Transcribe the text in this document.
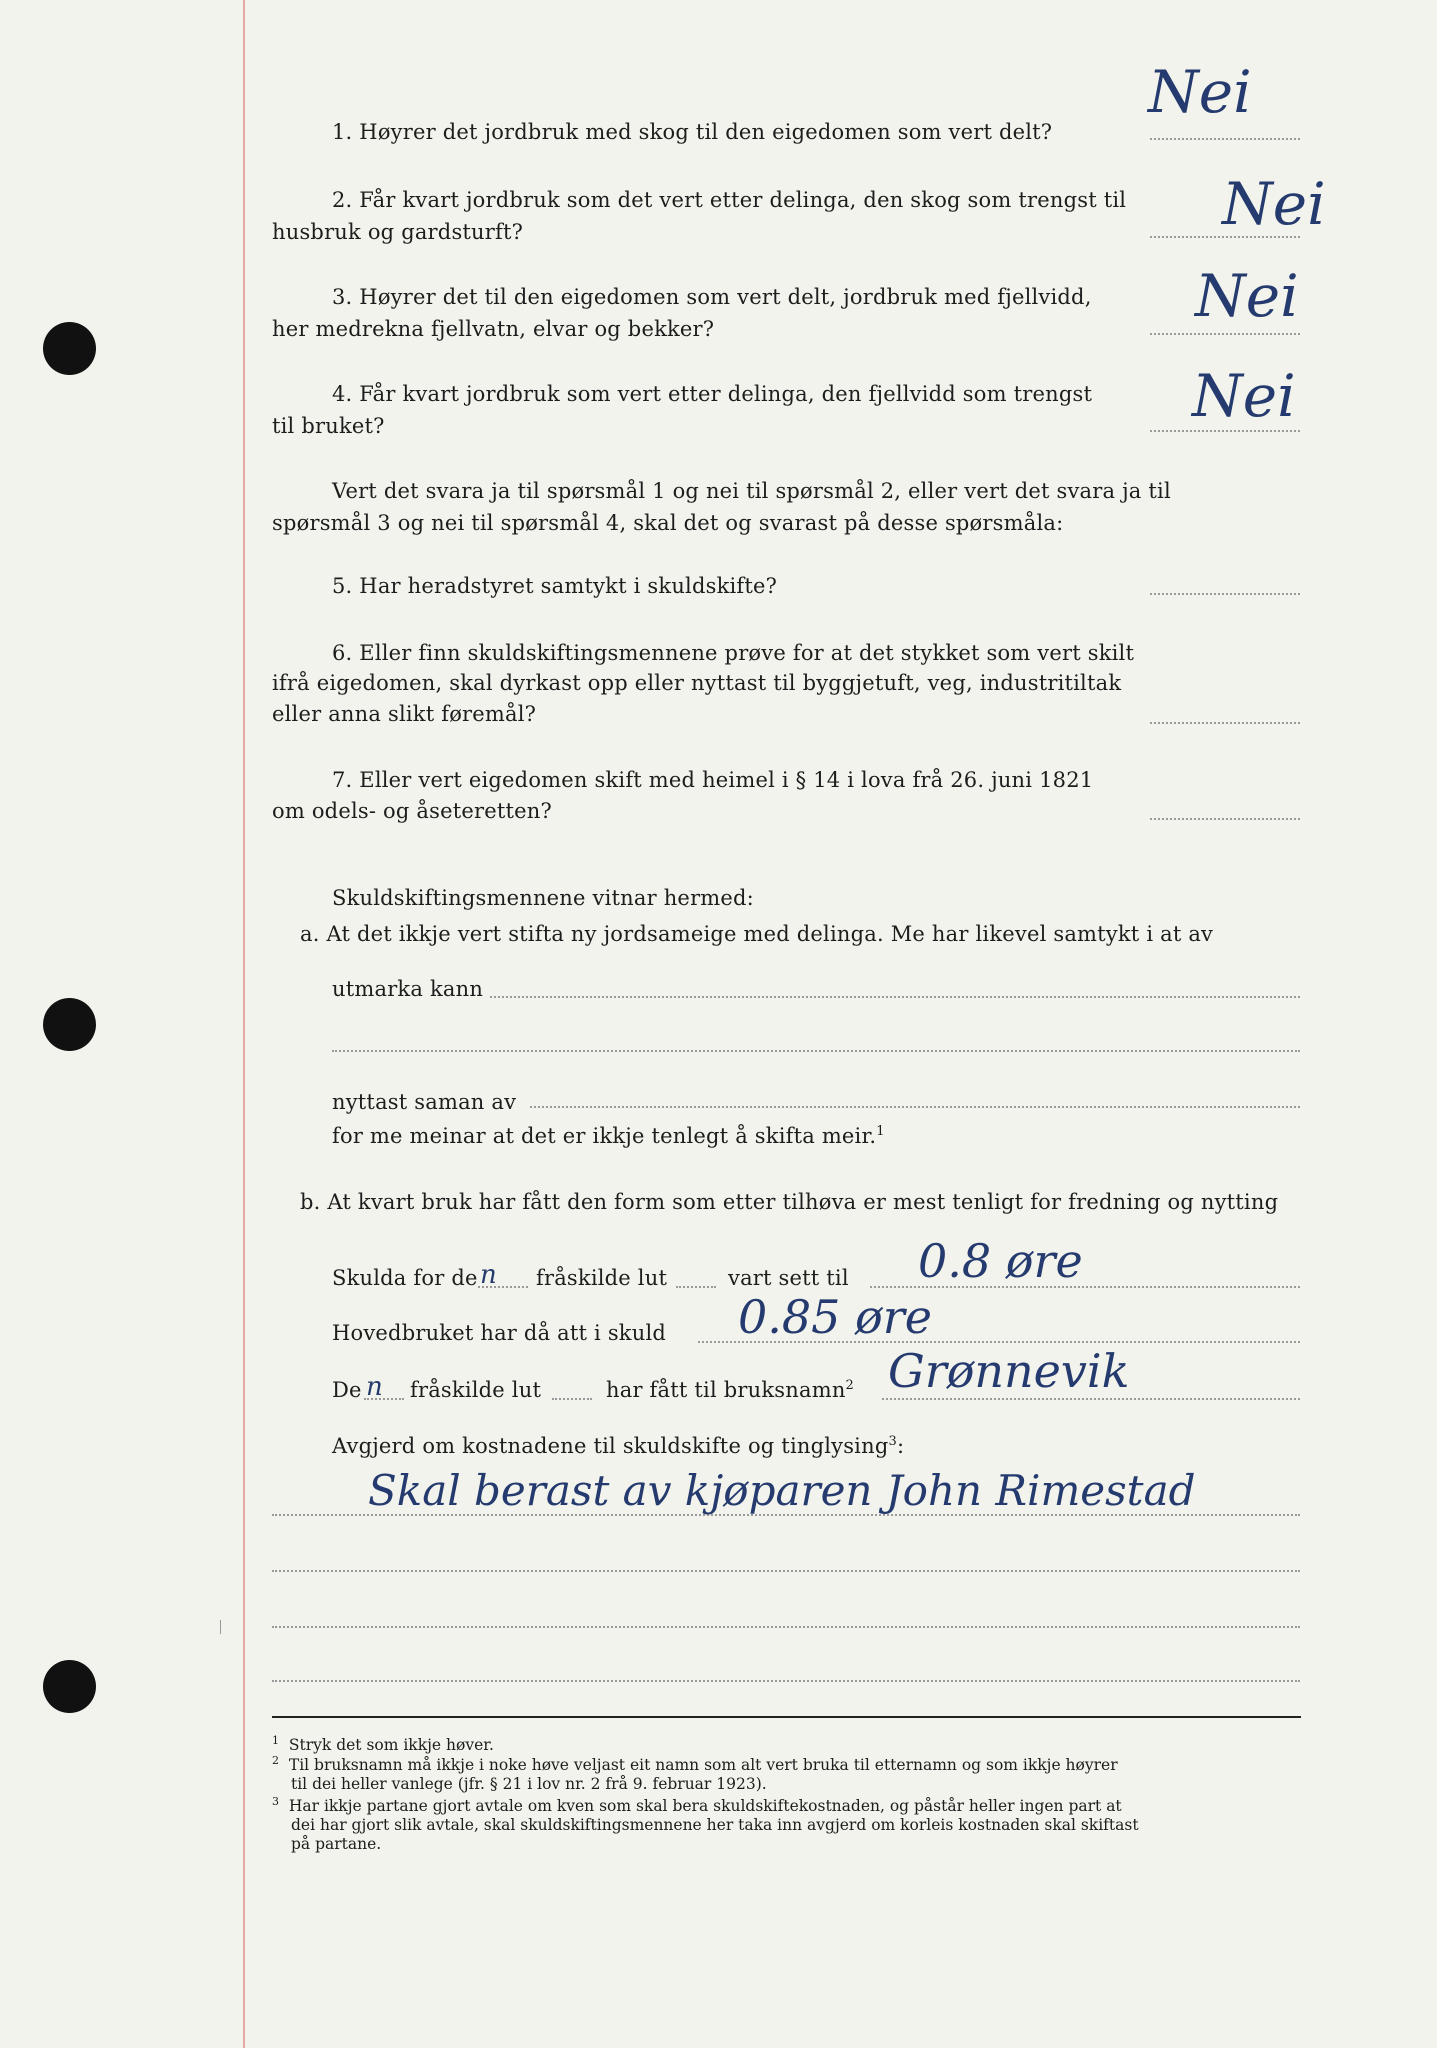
1. Høyrer det jordbruk med skog til den eigedomen som vert delt?
Nei
2. Får kvart jordbruk som det vert etter delinga, den skog som trengst til
husbruk og gardsturft?	Nei
3. Høyrer det til den eigedomen som vert delt, jordbruk med fjellvidd,
her medrekna fjellvatn, elvar og bekker?	Nei
4. Får kvart jordbruk som vert etter delinga, den fjellvidd som trengst
til bruket?	Nei
Vert det svara ja til spørsmål 1 og nei til spørsmål 2, eller vert det svara ja til
spørsmål 3 og nei til spørsmål 4, skal det og svarast på desse spørsmåla:
5. Har heradstyret samtykt i skuldskifte?
6. Eller finn skuldskiftingsmennene prøve for at det stykket som vert skilt
ifrå eigedomen, skal dyrkast opp eller nyttast til byggjetuft, veg, industritiltak
eller anna slikt føremål?
7. Eller vert eigedomen skift med heimel i § 14 i lova frå 26. juni 1821
om odels- og åseteretten?
Skuldskiftingsmennene vitnar hermed:
a. At det ikkje vert stifta ny jordsameige med delinga. Me har likevel samtykt i at av
utmarka kann
nyttast saman av
for me meinar at det er ikkje tenlegt å skifta meir.$^1$
b. At kvart bruk har fått den form som etter tilhøva er mest tenligt for fredning og nytting
Skulda for de n fråskilde lut	vart sett til 0.8 øre
Hovedbruket har då att i skuld 0.85 øre
De n fråskilde lut	har fått til bruksnamn$^2$ Grønnevik
Avgjerd om kostnadene til skuldskifte og tinglysing$^3$:
Skal berast av kjøparen John Rimestad
$^1$ Stryk det som ikkje høver.
$^2$ Til bruksnamn må ikkje i noke høve veljast eit namn som alt vert bruka til etternamn og som ikkje høyrer
til dei heller vanlege (jfr. § 21 i lov nr. 2 frå 9. februar 1923).
$^3$ Har ikkje partane gjort avtale om kven som skal bera skuldskiftekostnaden, og påstår heller ingen part at
dei har gjort slik avtale, skal skuldskiftingsmennene her taka inn avgjerd om korleis kostnaden skal skiftast
på partane.
